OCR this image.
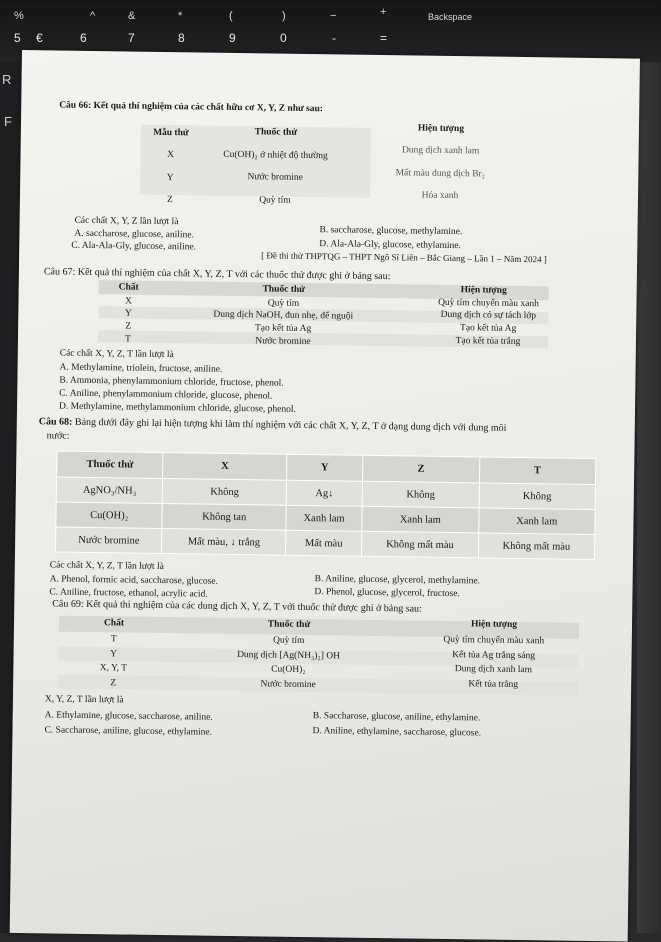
%	^	&	*	(	)	−	+	Backspace
5 €	6	7	8	9	0	-	=
R
F
Câu 66: Kết quả thí nghiệm của các chất hữu cơ X, Y, Z như sau:
Mẫu thử	Thuốc thử	Hiện tượng
X	Cu(OH)₂ ở nhiệt độ thường	Dung dịch xanh lam
Y	Nước bromine	Mất màu dung dịch Br₂
Z	Quỳ tím	Hóa xanh
Các chất X, Y, Z lần lượt là
A. saccharose, glucose, aniline.	B. saccharose, glucose, methylamine.
C. Ala-Ala-Gly, glucose, aniline.	D. Ala-Ala-Gly, glucose, ethylamine.
[ Đề thi thử THPTQG – THPT Ngô Sĩ Liên – Bắc Giang – Lần 1 – Năm 2024 ]
Câu 67: Kết quả thí nghiệm của chất X, Y, Z, T với các thuốc thử được ghi ở bảng sau:
Chất	Thuốc thử	Hiện tượng
X	Quỳ tím	Quỳ tím chuyển màu xanh
Y	Dung dịch NaOH, đun nhẹ, để nguội	Dung dịch có sự tách lớp
Z	Tạo kết tủa Ag	Tạo kết tủa Ag
T	Nước bromine	Tạo kết tủa trắng
Các chất X, Y, Z, T lần lượt là
A. Methylamine, triolein, fructose, aniline.
B. Ammonia, phenylammonium chloride, fructose, phenol.
C. Aniline, phenylammonium chloride, glucose, phenol.
D. Methylamine, methylammonium chloride, glucose, phenol.
Câu 68: Bảng dưới đây ghi lại hiện tượng khi làm thí nghiệm với các chất X, Y, Z, T ở dạng dung dịch với dung môi
nước:
Thuốc thử	X	Y	Z	T
AgNO₃/NH₃	Không	Ag↓	Không	Không
Cu(OH)₂	Không tan	Xanh lam	Xanh lam	Xanh lam
Nước bromine	Mất màu, ↓ trắng	Mất màu	Không mất màu	Không mất màu
Các chất X, Y, Z, T lần lượt là
A. Phenol, formic acid, saccharose, glucose.	B. Aniline, glucose, glycerol, methylamine.
C. Aniline, fructose, ethanol, acrylic acid.	D. Phenol, glucose, glycerol, fructose.
Câu 69: Kết quả thí nghiệm của các dung dịch X, Y, Z, T với thuốc thử được ghi ở bảng sau:
Chất	Thuốc thử	Hiện tượng
T	Quỳ tím	Quỳ tím chuyển màu xanh
Y	Dung dịch [Ag(NH₃)₂] OH	Kết tủa Ag trắng sáng
X, Y, T	Cu(OH)₂	Dung dịch xanh lam
Z	Nước bromine	Kết tủa trắng
X, Y, Z, T lần lượt là
A. Ethylamine, glucose, saccharose, aniline.	B. Saccharose, glucose, aniline, ethylamine.
C. Saccharose, aniline, glucose, ethylamine.	D. Aniline, ethylamine, saccharose, glucose.
